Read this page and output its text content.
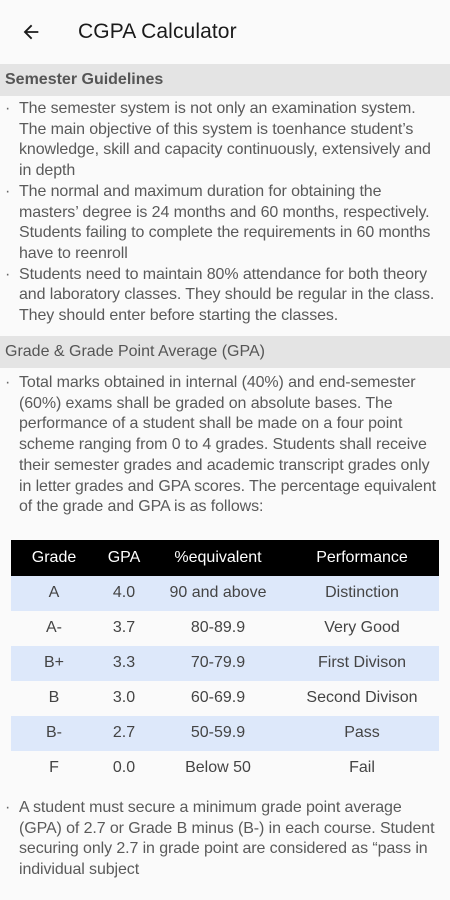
CGPA Calculator
Semester Guidelines
· The semester system is not only an examination system. The main objective of this system is toenhance student’s knowledge, skill and capacity continuously, extensively and in depth
· The normal and maximum duration for obtaining the masters’ degree is 24 months and 60 months, respectively. Students failing to complete the requirements in 60 months have to reenroll
· Students need to maintain 80% attendance for both theory and laboratory classes. They should be regular in the class. They should enter before starting the classes.
Grade & Grade Point Average (GPA)
· Total marks obtained in internal (40%) and end-semester (60%) exams shall be graded on absolute bases. The performance of a student shall be made on a four point scheme ranging from 0 to 4 grades. Students shall receive their semester grades and academic transcript grades only in letter grades and GPA scores. The percentage equivalent of the grade and GPA is as follows:
Grade	GPA	%equivalent	Performance
A	4.0	90 and above	Distinction
A-	3.7	80-89.9	Very Good
B+	3.3	70-79.9	First Divison
B	3.0	60-69.9	Second Divison
B-	2.7	50-59.9	Pass
F	0.0	Below 50	Fail
· A student must secure a minimum grade point average (GPA) of 2.7 or Grade B minus (B-) in each course. Student securing only 2.7 in grade point are considered as “pass in individual subject
